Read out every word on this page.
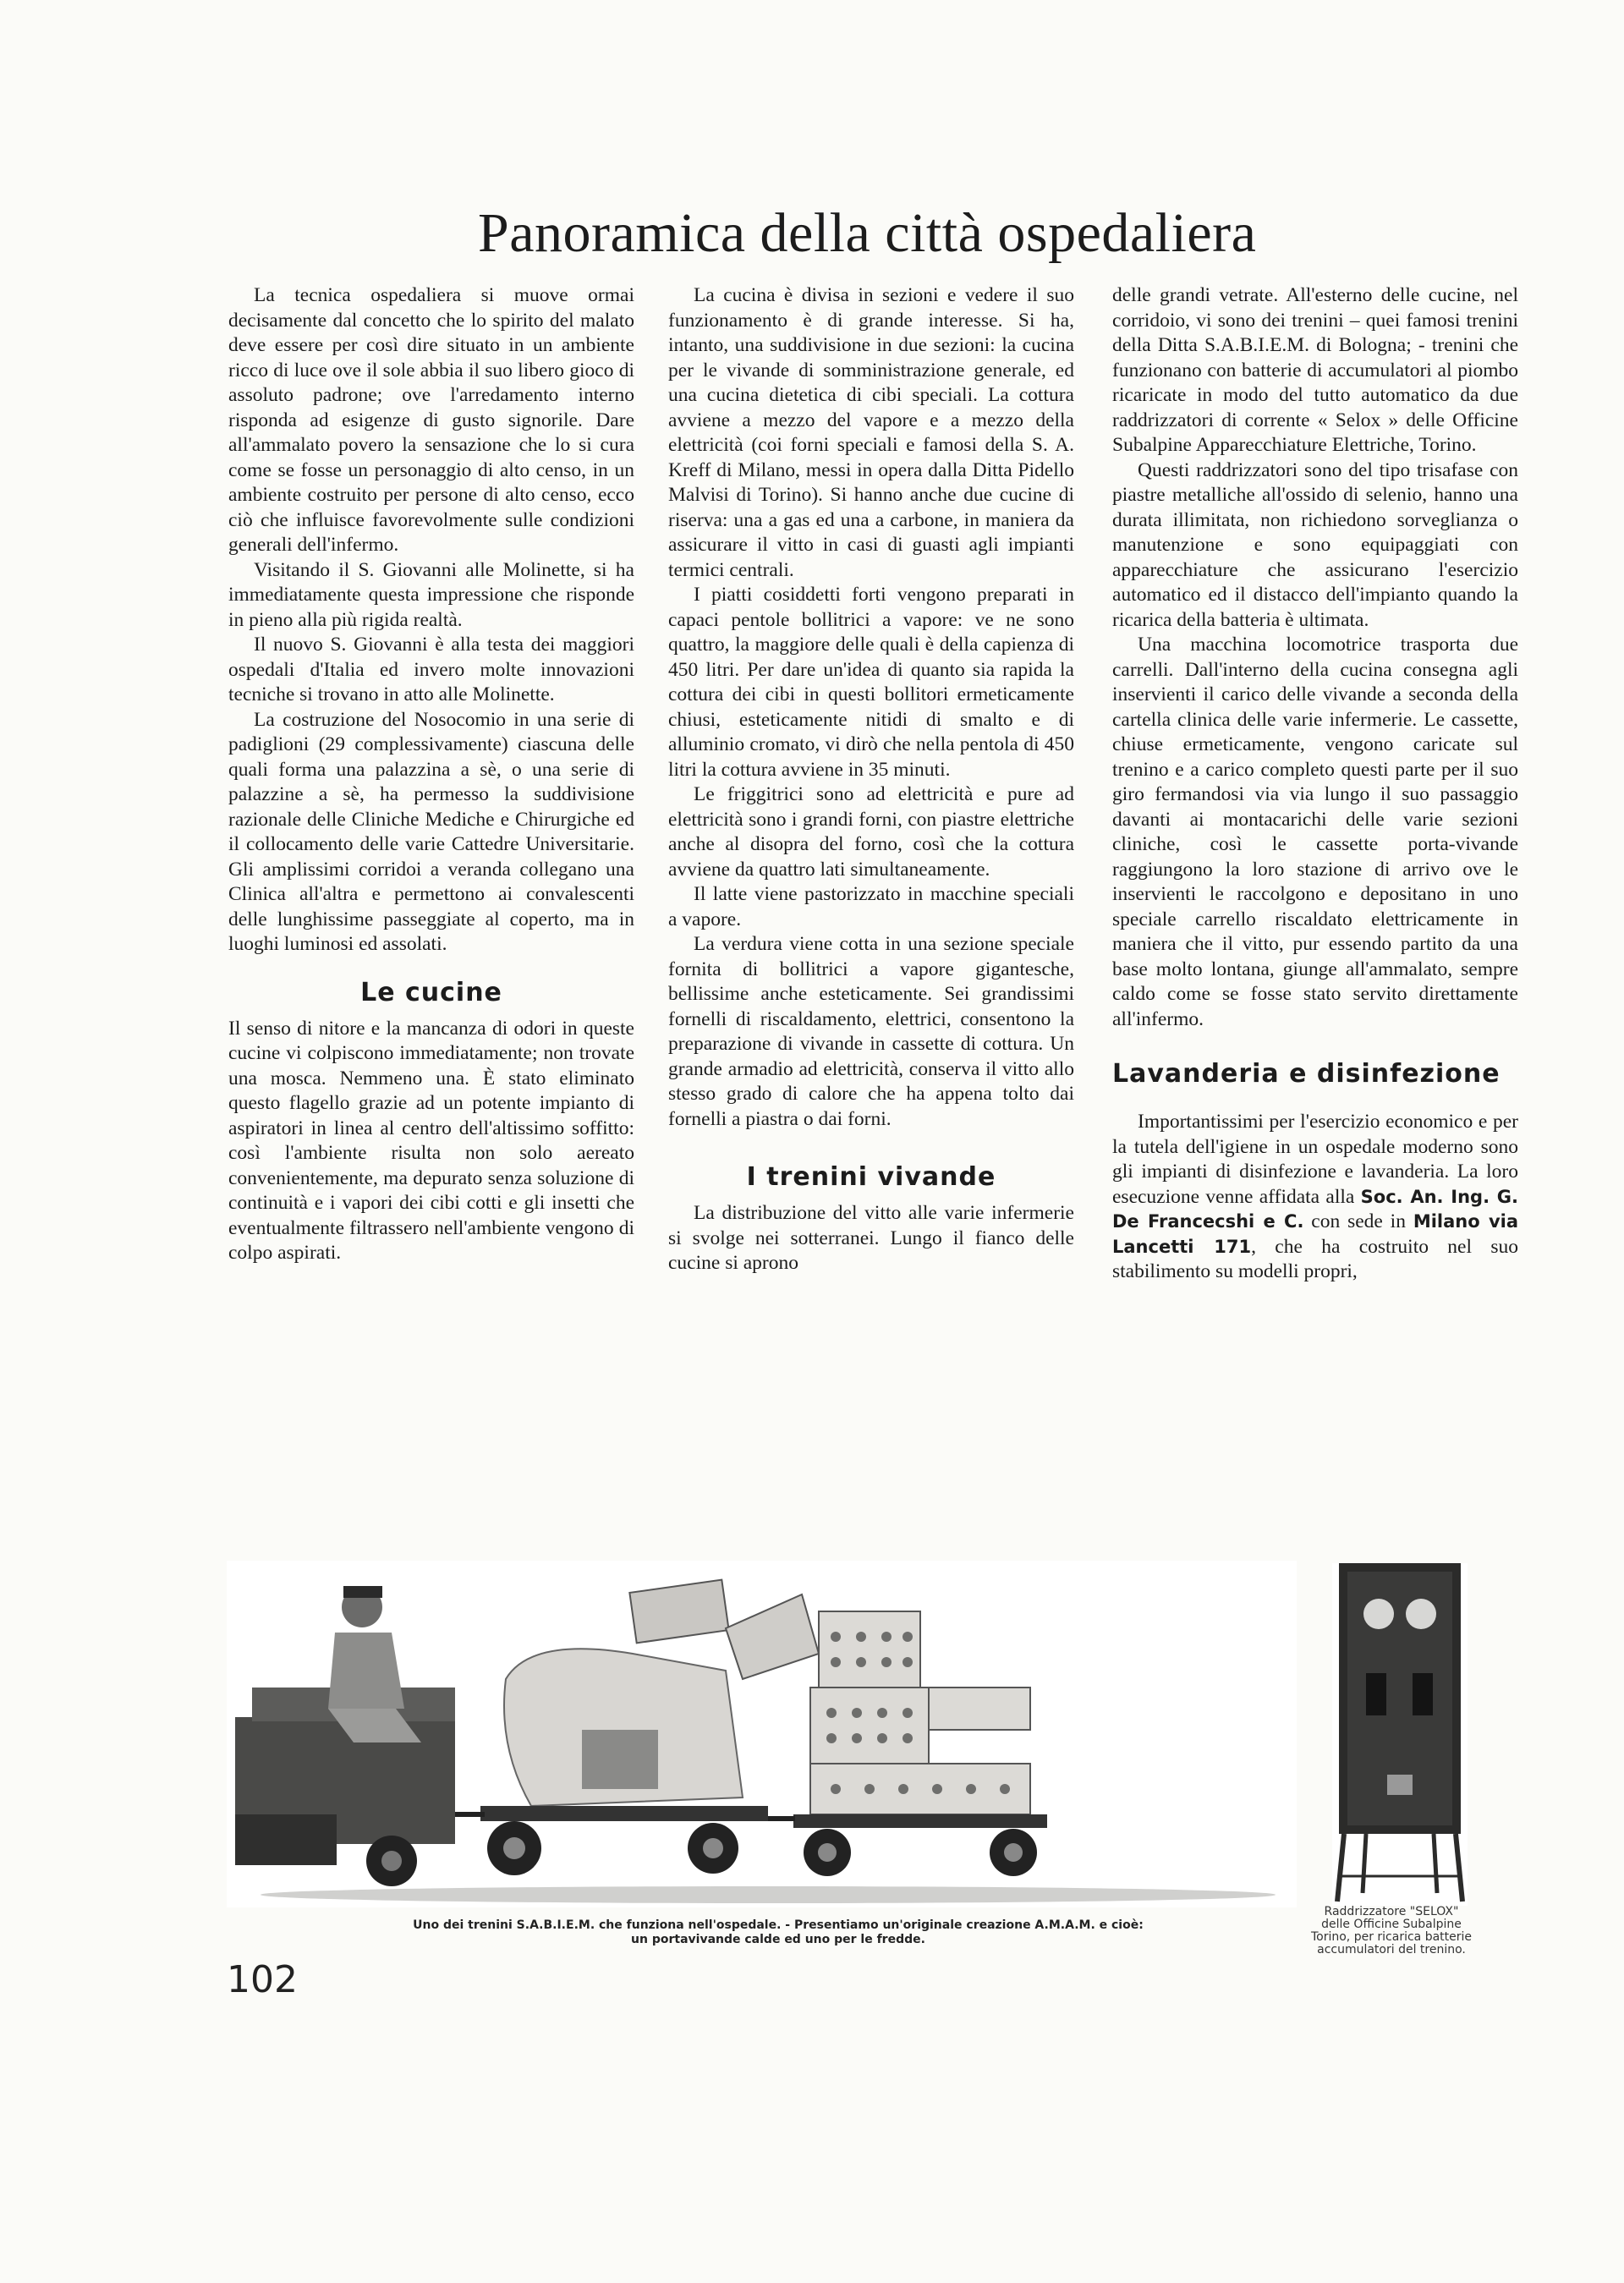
Panoramica della città ospedaliera

La tecnica ospedaliera si muove ormai decisamente dal concetto che lo spirito del malato deve essere per così dire situato in un ambiente ricco di luce ove il sole abbia il suo libero gioco di assoluto padrone; ove l'arredamento interno risponda ad esigenze di gusto signorile. Dare all'ammalato povero la sensazione che lo si cura come se fosse un personaggio di alto censo, in un ambiente costruito per persone di alto censo, ecco ciò che influisce favorevolmente sulle condizioni generali dell'infermo.

Visitando il S. Giovanni alle Molinette, si ha immediatamente questa impressione che risponde in pieno alla più rigida realtà.

Il nuovo S. Giovanni è alla testa dei maggiori ospedali d'Italia ed invero molte innovazioni tecniche si trovano in atto alle Molinette.

La costruzione del Nosocomio in una serie di padiglioni (29 complessivamente) ciascuna delle quali forma una palazzina a sè, o una serie di palazzine a sè, ha permesso la suddivisione razionale delle Cliniche Mediche e Chirurgiche ed il collocamento delle varie Cattedre Universitarie. Gli amplissimi corridoi a veranda collegano una Clinica all'altra e permettono ai convalescenti delle lunghissime passeggiate al coperto, ma in luoghi luminosi ed assolati.

Le cucine

Il senso di nitore e la mancanza di odori in queste cucine vi colpiscono immediatamente; non trovate una mosca. Nemmeno una. È stato eliminato questo flagello grazie ad un potente impianto di aspiratori in linea al centro dell'altissimo soffitto: così l'ambiente risulta non solo aereato convenientemente, ma depurato senza soluzione di continuità e i vapori dei cibi cotti e gli insetti che eventualmente filtrassero nell'ambiente vengono di colpo aspirati.

La cucina è divisa in sezioni e vedere il suo funzionamento è di grande interesse. Si ha, intanto, una suddivisione in due sezioni: la cucina per le vivande di somministrazione generale, ed una cucina dietetica di cibi speciali. La cottura avviene a mezzo del vapore e a mezzo della elettricità (coi forni speciali e famosi della S. A. Kreff di Milano, messi in opera dalla Ditta Pidello Malvisi di Torino). Si hanno anche due cucine di riserva: una a gas ed una a carbone, in maniera da assicurare il vitto in casi di guasti agli impianti termici centrali.

I piatti cosiddetti forti vengono preparati in capaci pentole bollitrici a vapore: ve ne sono quattro, la maggiore delle quali è della capienza di 450 litri. Per dare un'idea di quanto sia rapida la cottura dei cibi in questi bollitori ermeticamente chiusi, esteticamente nitidi di smalto e di alluminio cromato, vi dirò che nella pentola di 450 litri la cottura avviene in 35 minuti.

Le friggitrici sono ad elettricità e pure ad elettricità sono i grandi forni, con piastre elettriche anche al disopra del forno, così che la cottura avviene da quattro lati simultaneamente.

Il latte viene pastorizzato in macchine speciali a vapore.

La verdura viene cotta in una sezione speciale fornita di bollitrici a vapore gigantesche, bellissime anche esteticamente. Sei grandissimi fornelli di riscaldamento, elettrici, consentono la preparazione di vivande in cassette di cottura. Un grande armadio ad elettricità, conserva il vitto allo stesso grado di calore che ha appena tolto dai fornelli a piastra o dai forni.

I trenini vivande

La distribuzione del vitto alle varie infermerie si svolge nei sotterranei. Lungo il fianco delle cucine si aprono

delle grandi vetrate. All'esterno delle cucine, nel corridoio, vi sono dei trenini – quei famosi trenini della Ditta S.A.B.I.E.M. di Bologna; - trenini che funzionano con batterie di accumulatori al piombo ricaricate in modo del tutto automatico da due raddrizzatori di corrente « Selox » delle Officine Subalpine Apparecchiature Elettriche, Torino.

Questi raddrizzatori sono del tipo trisafase con piastre metalliche all'ossido di selenio, hanno una durata illimitata, non richiedono sorveglianza o manutenzione e sono equipaggiati con apparecchiature che assicurano l'esercizio automatico ed il distacco dell'impianto quando la ricarica della batteria è ultimata.

Una macchina locomotrice trasporta due carrelli. Dall'interno della cucina consegna agli inservienti il carico delle vivande a seconda della cartella clinica delle varie infermerie. Le cassette, chiuse ermeticamente, vengono caricate sul trenino e a carico completo questi parte per il suo giro fermandosi via via lungo il suo passaggio davanti ai montacarichi delle varie sezioni cliniche, così le cassette porta-vivande raggiungono la loro stazione di arrivo ove le inservienti le raccolgono e depositano in uno speciale carrello riscaldato elettricamente in maniera che il vitto, pur essendo partito da una base molto lontana, giunge all'ammalato, sempre caldo come se fosse stato servito direttamente all'infermo.

Lavanderia e disinfezione

Importantissimi per l'esercizio economico e per la tutela dell'igiene in un ospedale moderno sono gli impianti di disinfezione e lavanderia. La loro esecuzione venne affidata alla Soc. An. Ing. G. De Francecshi e C. con sede in Milano via Lancetti 171, che ha costruito nel suo stabilimento su modelli propri,

Uno dei trenini S.A.B.I.E.M. che funziona nell'ospedale. - Presentiamo un'originale creazione A.M.A.M. e cioè:
un portavivande calde ed uno per le fredde.
Raddrizzatore "SELOX"
delle Officine Subalpine
Torino, per ricarica batterie
accumulatori del trenino.
102
